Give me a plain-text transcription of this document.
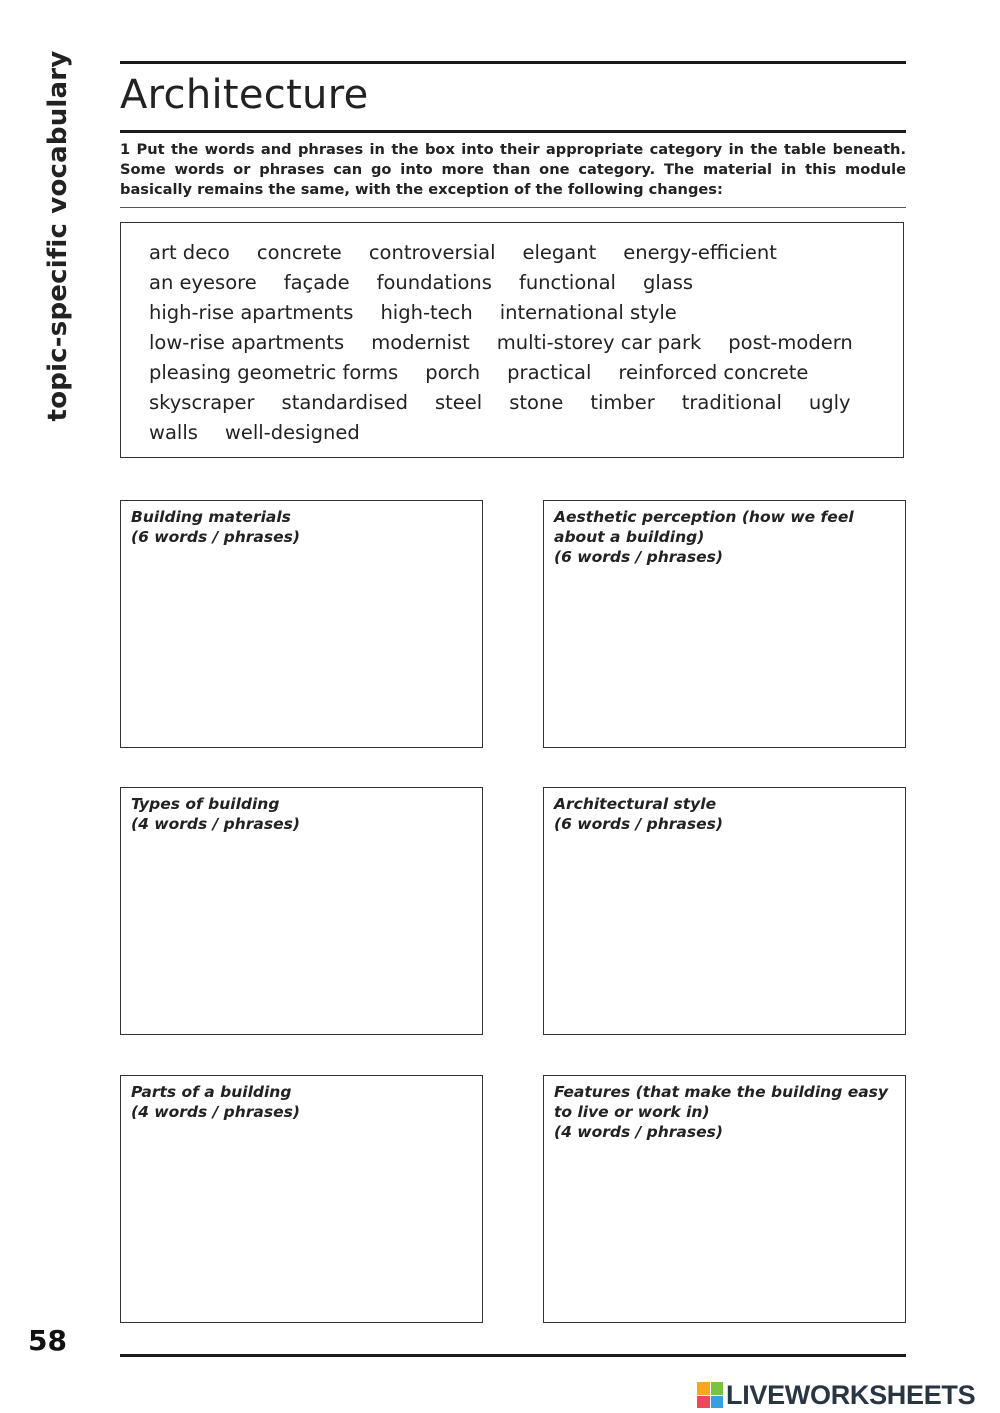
topic-specific vocabulary Architecture
1 Put the words and phrases in the box into their appropriate category in the table beneath. Some words or phrases can go into more than one category. The material in this module basically remains the same, with the exception of the following changes:
art deco concrete controversial elegant energy-efficient
an eyesore façade foundations functional glass
high-rise apartments high-tech international style
low-rise apartments modernist multi-storey car park post-modern
pleasing geometric forms porch practical reinforced concrete
skyscraper standardised steel stone timber traditional ugly
walls well-designed
Building materials
(6 words / phrases)
Aesthetic perception (how we feel about a building)
(6 words / phrases)
Types of building
(4 words / phrases)
Architectural style
(6 words / phrases)
Parts of a building
(4 words / phrases)
Features (that make the building easy to live or work in)
(4 words / phrases)
58
LIVEWORKSHEETS
